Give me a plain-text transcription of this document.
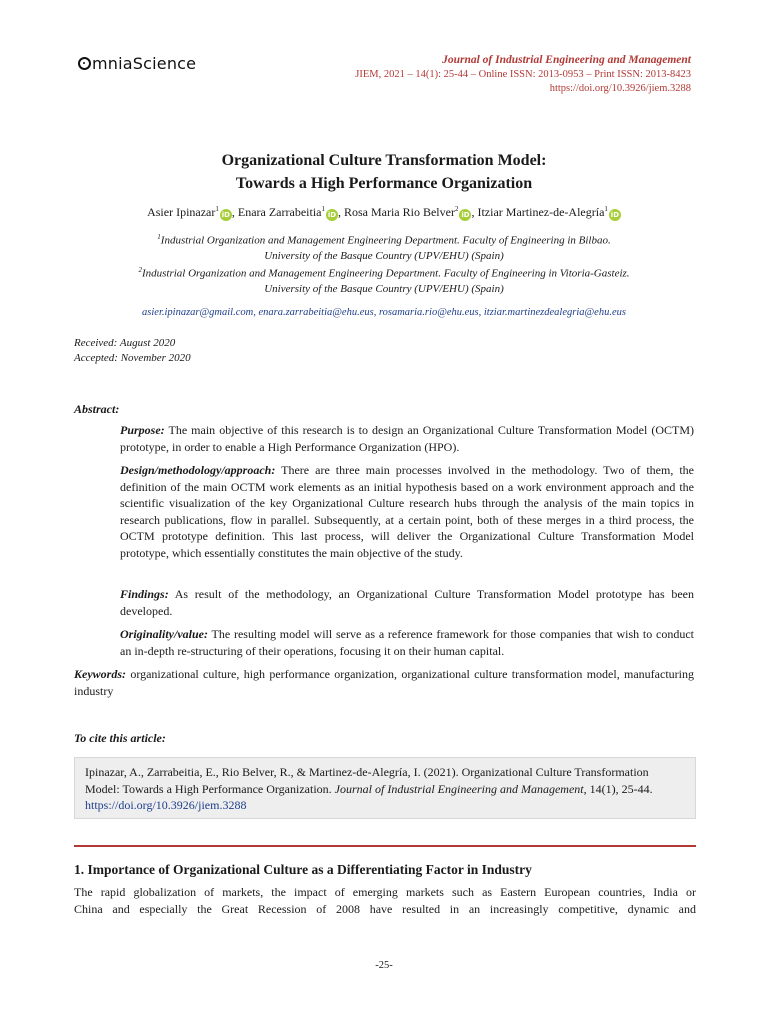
mniaScience	Journal of Industrial Engineering and Management
JIEM, 2021 – 14(1): 25-44 – Online ISSN: 2013-0953 – Print ISSN: 2013-8423
https://doi.org/10.3926/jiem.3288
Organizational Culture Transformation Model:
Towards a High Performance Organization
Asier Ipinazar$^1$iD , Enara Zarrabeitia$^1$iD , Rosa Maria Rio Belver$^2$iD , Itziar Martinez-de-Alegría$^1$iD
$^1$Industrial Organization and Management Engineering Department. Faculty of Engineering in Bilbao.
University of the Basque Country (UPV/EHU) (Spain)
$^2$Industrial Organization and Management Engineering Department. Faculty of Engineering in Vitoria-Gasteiz.
University of the Basque Country (UPV/EHU) (Spain)
asier.ipinazar@gmail.com, enara.zarrabeitia@ehu.eus, rosamaria.rio@ehu.eus, itziar.martinezdealegria@ehu.eus
Received: August 2020
Accepted: November 2020
Abstract:
Purpose: The main objective of this research is to design an Organizational Culture Transformation Model (OCTM) prototype, in order to enable a High Performance Organization (HPO).
Design/methodology/approach: There are three main processes involved in the methodology. Two of them, the definition of the main OCTM work elements as an initial hypothesis based on a work environment approach and the scientific visualization of the key Organizational Culture research hubs through the analysis of the main topics in research publications, flow in parallel. Subsequently, at a certain point, both of these merges in a third process, the OCTM prototype definition. This last process, will deliver the Organizational Culture Transformation Model prototype, which essentially constitutes the main objective of the study.
Findings: As result of the methodology, an Organizational Culture Transformation Model prototype has been developed.
Originality/value: The resulting model will serve as a reference framework for those companies that wish to conduct an in-depth re-structuring of their operations, focusing it on their human capital.
Keywords: organizational culture, high performance organization, organizational culture transformation model, manufacturing industry
To cite this article:
Ipinazar, A., Zarrabeitia, E., Rio Belver, R., & Martinez-de-Alegría, I. (2021). Organizational Culture Transformation Model: Towards a High Performance Organization. Journal of Industrial Engineering and Management, 14(1), 25-44. https://doi.org/10.3926/jiem.3288
1. Importance of Organizational Culture as a Differentiating Factor in Industry
The rapid globalization of markets, the impact of emerging markets such as Eastern European countries, India or
China and especially the Great Recession of 2008 have resulted in an increasingly competitive, dynamic and
-25-
